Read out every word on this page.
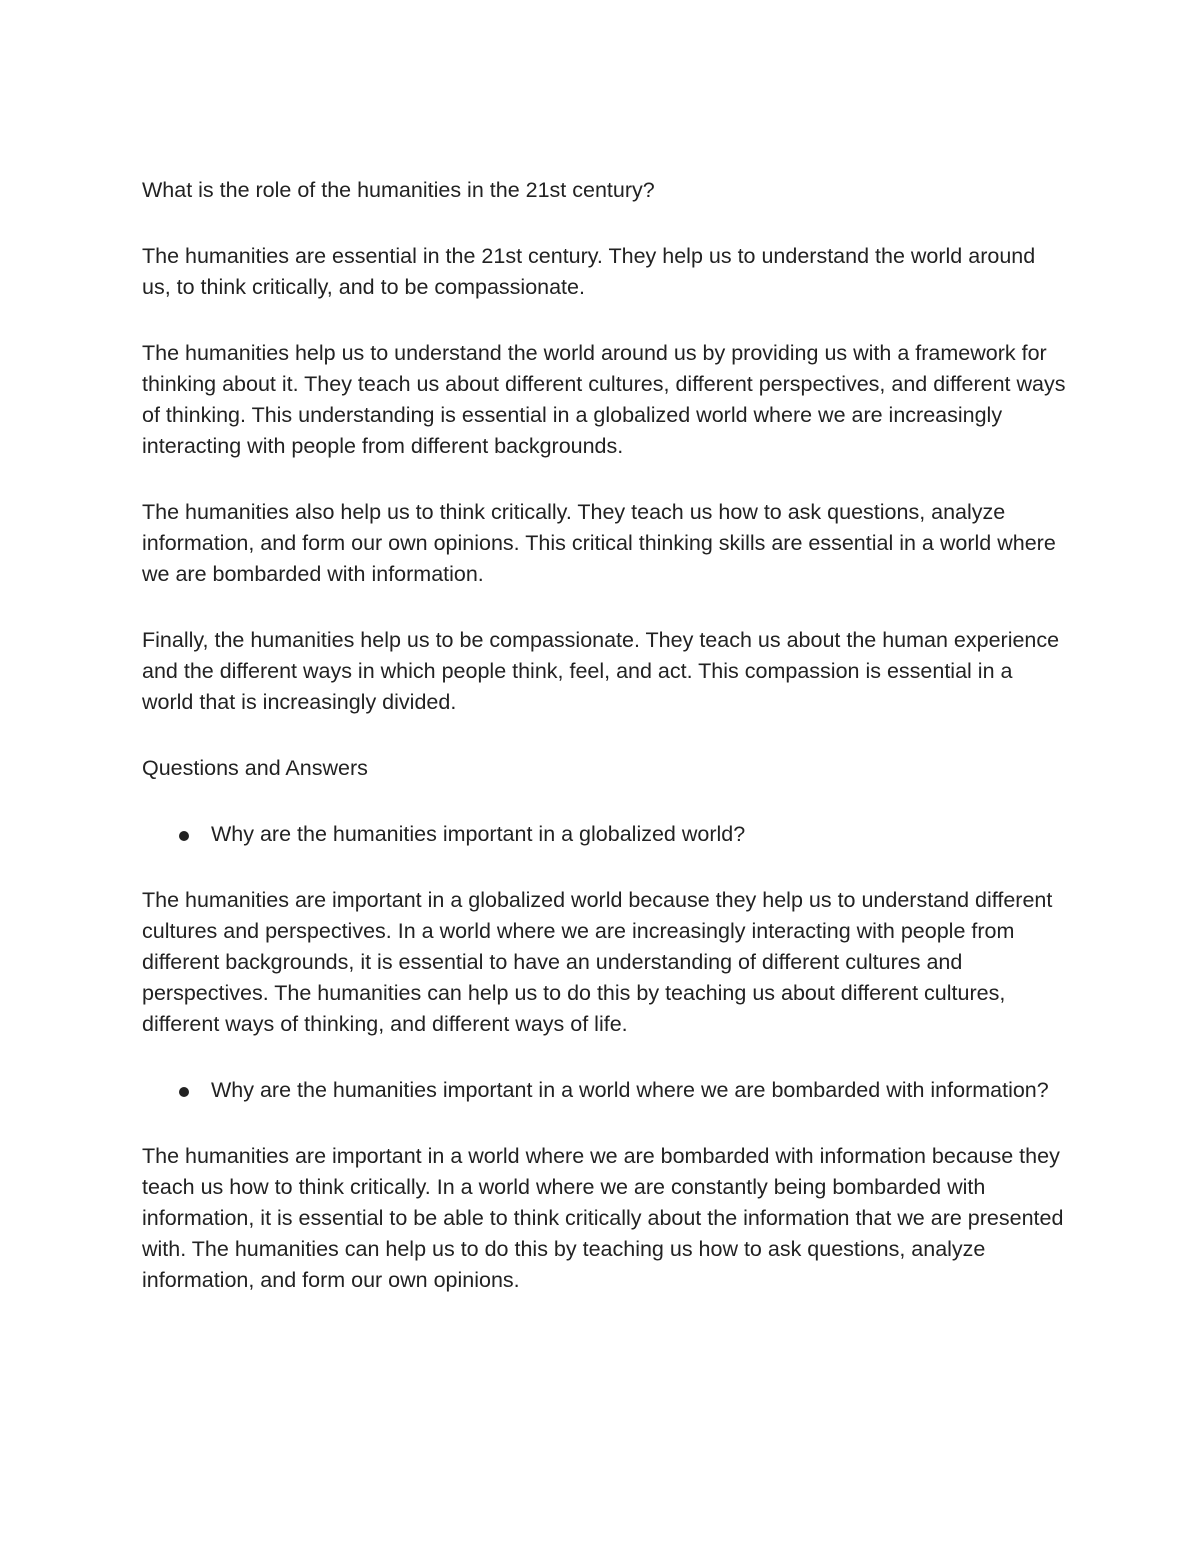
What is the role of the humanities in the 21st century?

The humanities are essential in the 21st century. They help us to understand the world around us, to think critically, and to be compassionate.

The humanities help us to understand the world around us by providing us with a framework for thinking about it. They teach us about different cultures, different perspectives, and different ways of thinking. This understanding is essential in a globalized world where we are increasingly interacting with people from different backgrounds.

The humanities also help us to think critically. They teach us how to ask questions, analyze information, and form our own opinions. This critical thinking skills are essential in a world where we are bombarded with information.

Finally, the humanities help us to be compassionate. They teach us about the human experience and the different ways in which people think, feel, and act. This compassion is essential in a world that is increasingly divided.

Questions and Answers

Why are the humanities important in a globalized world?

The humanities are important in a globalized world because they help us to understand different cultures and perspectives. In a world where we are increasingly interacting with people from different backgrounds, it is essential to have an understanding of different cultures and perspectives. The humanities can help us to do this by teaching us about different cultures, different ways of thinking, and different ways of life.

Why are the humanities important in a world where we are bombarded with information?

The humanities are important in a world where we are bombarded with information because they teach us how to think critically. In a world where we are constantly being bombarded with information, it is essential to be able to think critically about the information that we are presented with. The humanities can help us to do this by teaching us how to ask questions, analyze information, and form our own opinions.
